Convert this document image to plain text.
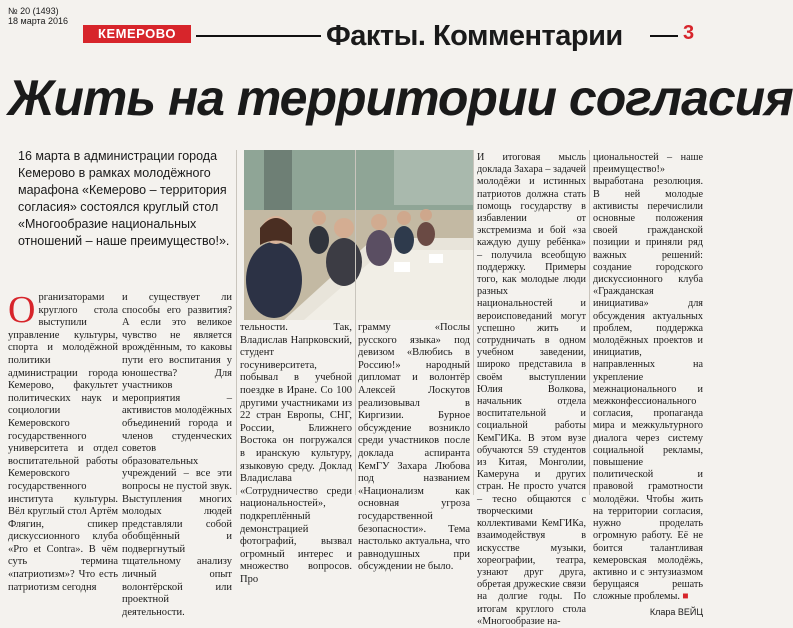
№ 20 (1493)
18 марта 2016
КЕМЕРОВО	Факты. Комментарии	3
Жить на территории согласия
16 марта в администрации города Кемерово в рамках молодёжного марафона «Кемерово – территория согласия» состоялся круглый стол «Многообразие национальных отношений – наше преимущество!».
Организаторами круглого стола выступили управление культуры, спорта и молодёжной политики администрации города Кемерово, факультет политических наук и социологии Кемеровского государственного университета и отдел воспитательной работы Кемеровского государственного института культуры. Вёл круглый стол Артём Флягин, спикер дискуссионного клуба «Pro et Contra». В чём суть термина «патриотизм»? Что есть патриотизм сегодня
и существует ли способы его развития? А если это великое чувство не является врождённым, то каковы пути его воспитания у юношества? Для участников мероприятия – активистов молодёжных объединений города и членов студенческих советов образовательных учреждений – все эти вопросы не пустой звук. Выступления многих молодых людей представляли собой обобщённый и подвергнутый тщательному анализу личный опыт волонтёрской или проектной деятельности.
тельности. Так, Владислав Напрковский, студент госуниверситета, побывал в учебной поездке в Иране. Со 100 другими участниками из 22 стран Европы, СНГ, России, Ближнего Востока он погружался в иранскую культуру, языковую среду. Доклад Владислава «Сотрудничество среди национальностей», подкреплённый демонстрацией фотографий, вызвал огромный интерес и множество вопросов. Про
грамму «Послы русского языка» под девизом «Влюбись в Россию!» народный дипломат и волонтёр Алексей Лоскутов реализовывал в Киргизии. Бурное обсуждение возникло среди участников после доклада аспиранта КемГУ Захара Любова под названием «Национализм как основная угроза государственной безопасности». Тема настолько актуальна, что равнодушных при обсуждении не было.
И итоговая мысль доклада Захара – задачей молодёжи и истинных патриотов должна стать помощь государству в избавлении от экстремизма и бой «за каждую душу ребёнка» – получила всеобщую поддержку. Примеры того, как молодые люди разных национальностей и вероисповеданий могут успешно жить и сотрудничать в одном учебном заведении, широко представила в своём выступлении Юлия Волкова, начальник отдела воспитательной и социальной работы КемГИКа. В этом вузе обучаются 59 студентов из Китая, Монголии, Камеруна и других стран. Не просто учатся – тесно общаются с творческими коллективами КемГИКа, взаимодействуя в искусстве музыки, хореографии, театра, узнают друг друга, обретая дружеские связи на долгие годы. По итогам круглого стола «Многообразие на-
циональностей – наше преимущество!» выработана резолюция. В ней молодые активисты перечислили основные положения своей гражданской позиции и приняли ряд важных решений: создание городского дискуссионного клуба «Гражданская инициатива» для обсуждения актуальных проблем, поддержка молодёжных проектов и инициатив, направленных на укрепление межнационального и межконфессионального согласия, пропаганда мира и межкультурного диалога через систему социальной рекламы, повышение политической и правовой грамотности молодёжи. Чтобы жить на территории согласия, нужно проделать огромную работу. Её не боится талантливая кемеровская молодёжь, активно и с энтузиазмом берущаяся решать сложные проблемы. ■
Клара ВЕЙЦ
